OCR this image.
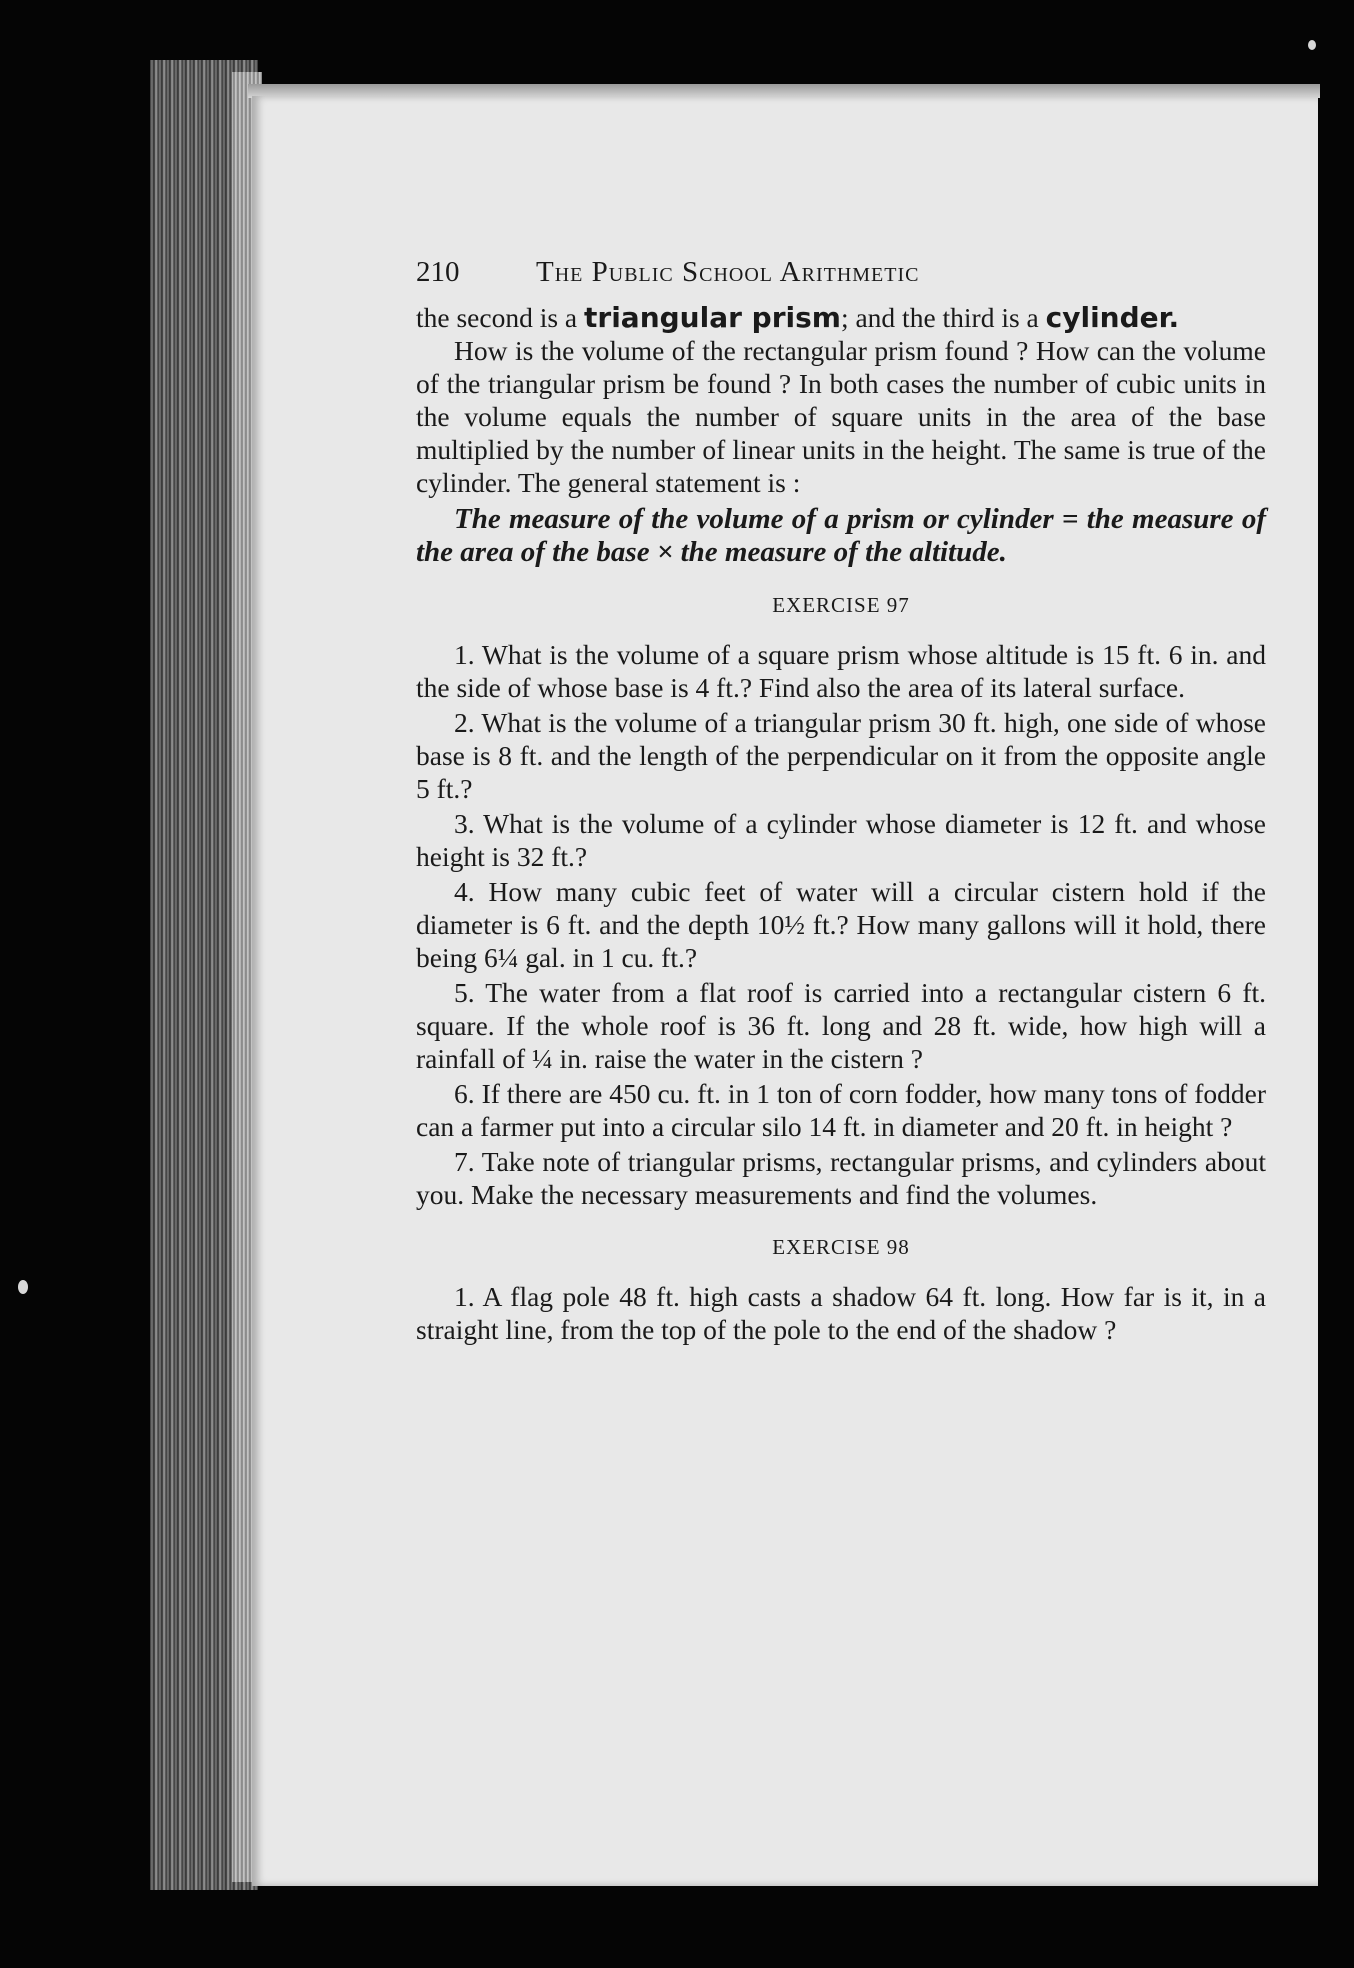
210	The Public School Arithmetic

the second is a triangular prism; and the third is a cylinder.

How is the volume of the rectangular prism found ? How can the volume of the triangular prism be found ? In both cases the number of cubic units in the volume equals the number of square units in the area of the base multiplied by the number of linear units in the height. The same is true of the cylinder. The general statement is :

The measure of the volume of a prism or cylinder = the measure of the area of the base × the measure of the altitude.

EXERCISE 97

1. What is the volume of a square prism whose altitude is 15 ft. 6 in. and the side of whose base is 4 ft.? Find also the area of its lateral surface.

2. What is the volume of a triangular prism 30 ft. high, one side of whose base is 8 ft. and the length of the perpendicular on it from the opposite angle 5 ft.?

3. What is the volume of a cylinder whose diameter is 12 ft. and whose height is 32 ft.?

4. How many cubic feet of water will a circular cistern hold if the diameter is 6 ft. and the depth 10½ ft.? How many gallons will it hold, there being 6¼ gal. in 1 cu. ft.?

5. The water from a flat roof is carried into a rectangular cistern 6 ft. square. If the whole roof is 36 ft. long and 28 ft. wide, how high will a rainfall of ¼ in. raise the water in the cistern ?

6. If there are 450 cu. ft. in 1 ton of corn fodder, how many tons of fodder can a farmer put into a circular silo 14 ft. in diameter and 20 ft. in height ?

7. Take note of triangular prisms, rectangular prisms, and cylinders about you. Make the necessary measurements and find the volumes.

EXERCISE 98

1. A flag pole 48 ft. high casts a shadow 64 ft. long. How far is it, in a straight line, from the top of the pole to the end of the shadow ?
